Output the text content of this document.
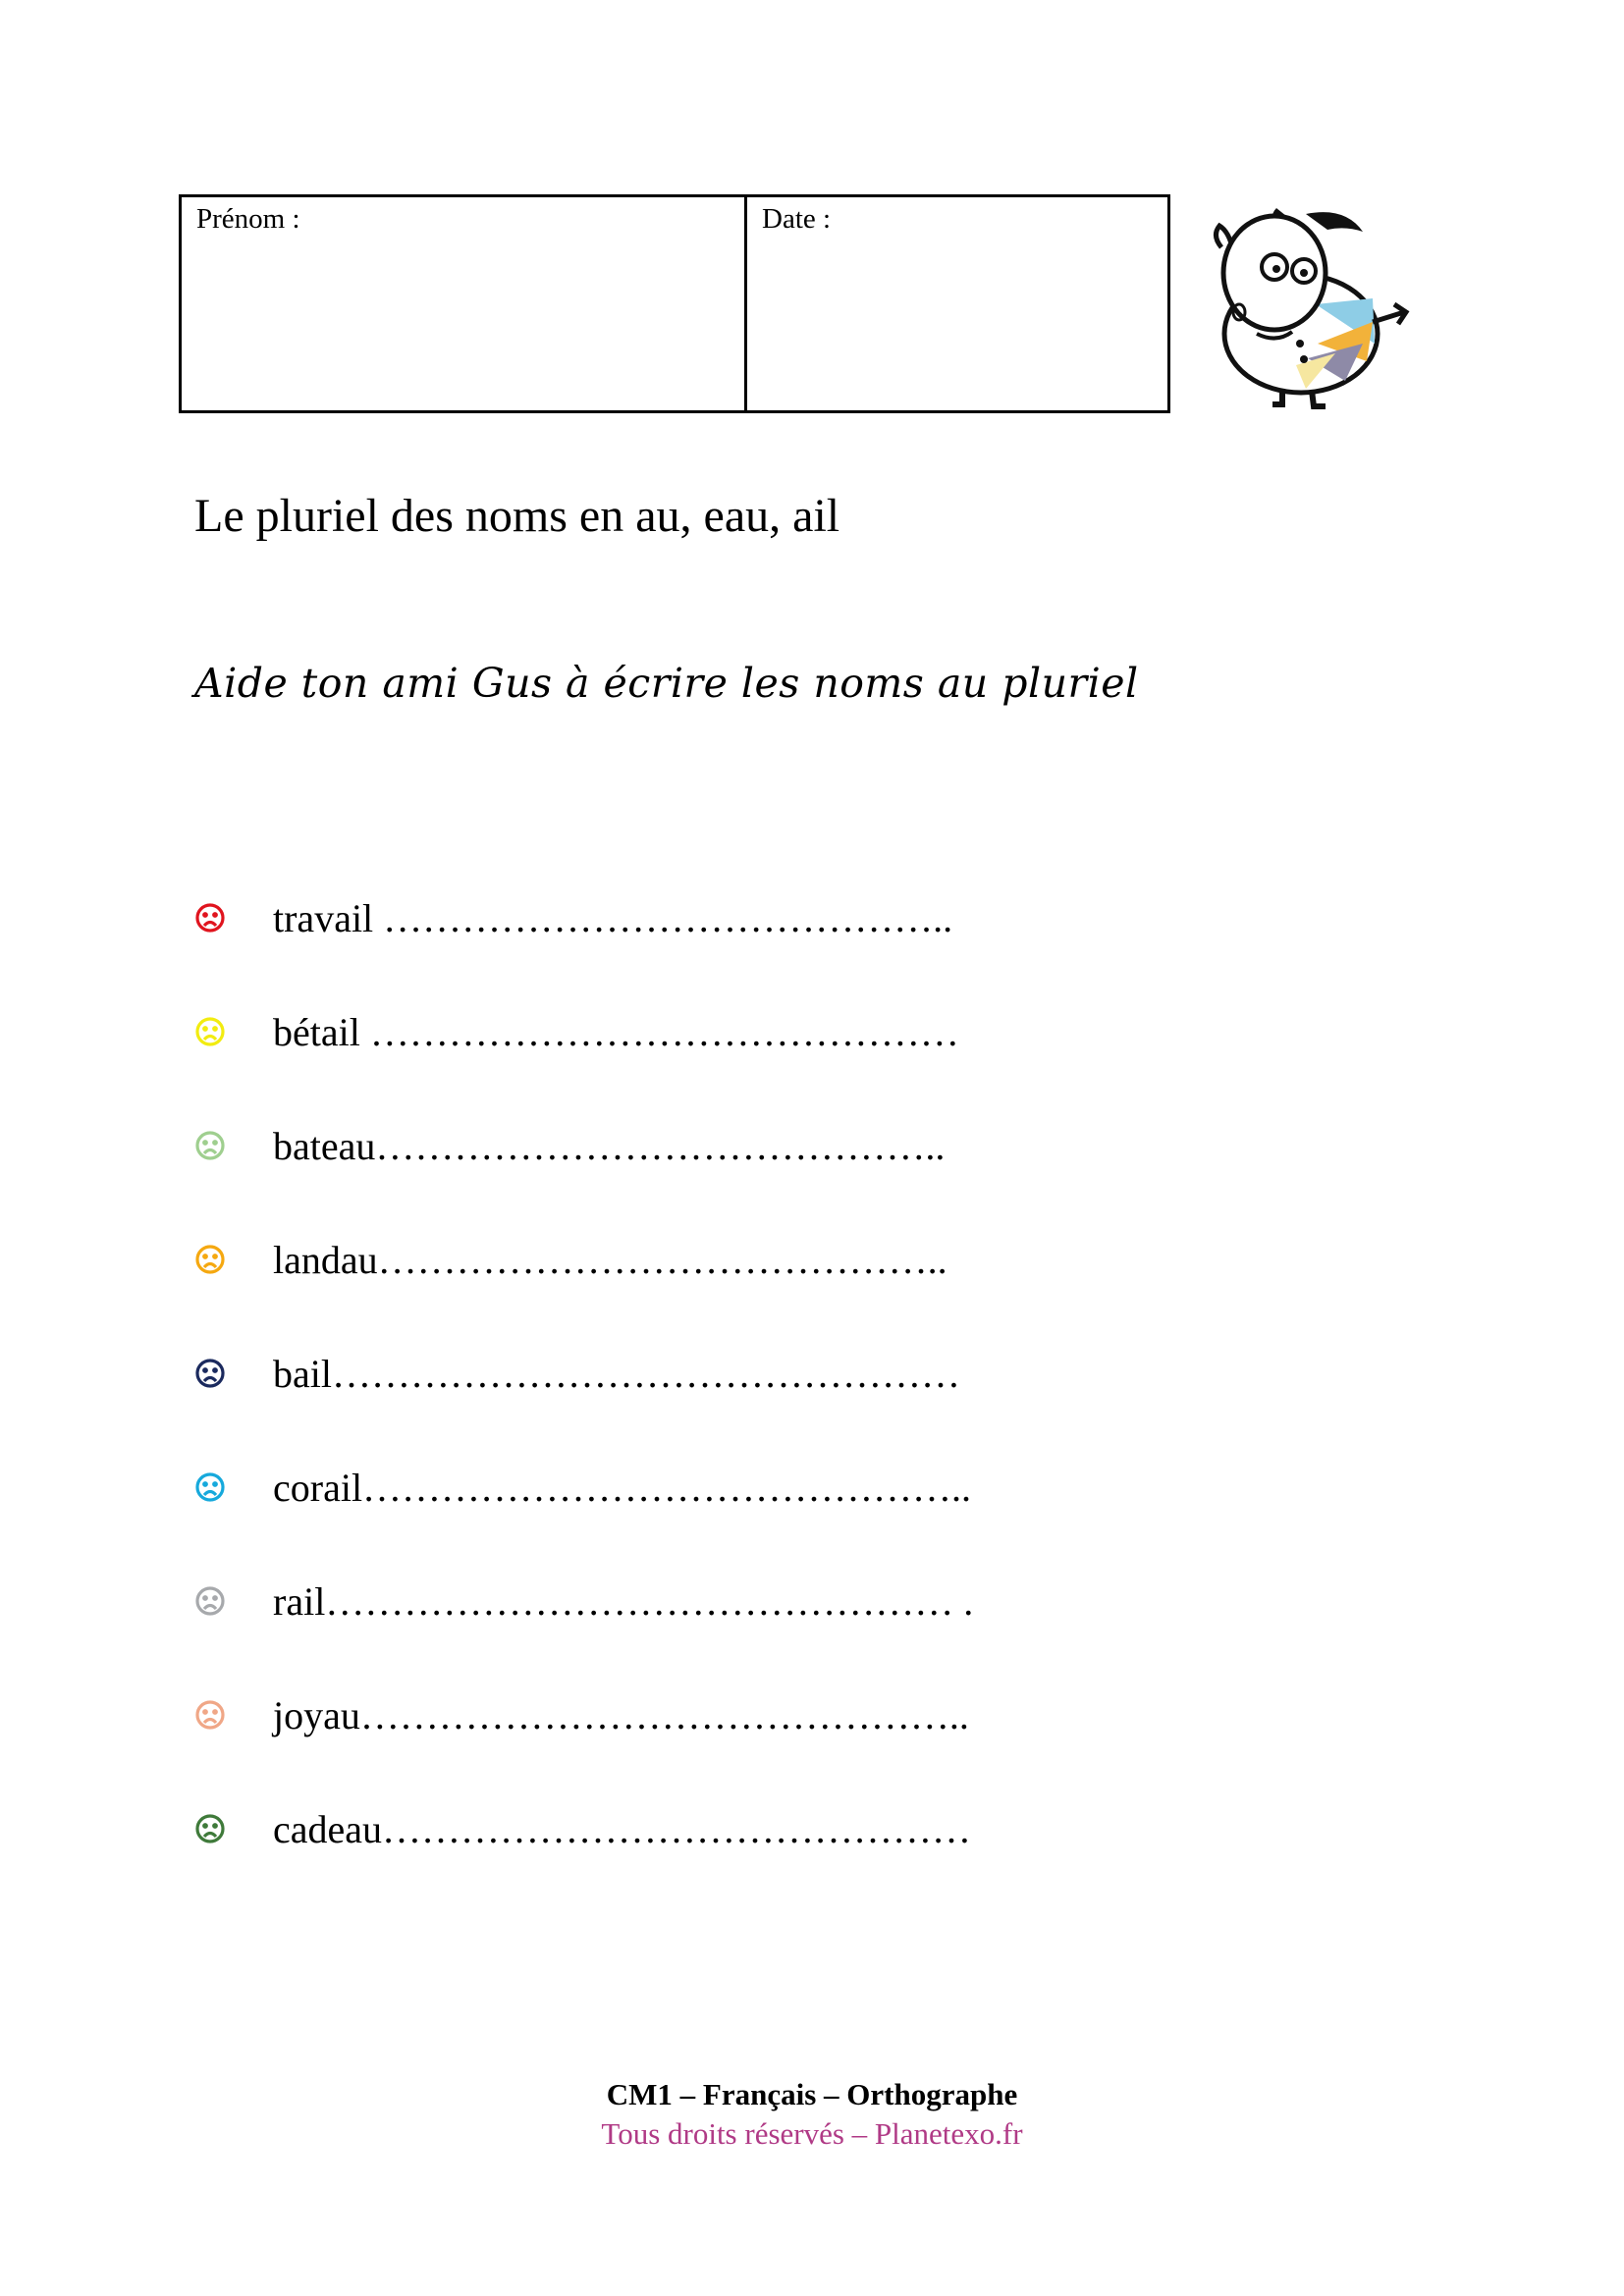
Prénom :	Date :
Le pluriel des noms en au, eau, ail
Aide ton ami Gus à écrire les noms au pluriel
travail ……………………………………..
bétail ………………………………………
bateau……………………………………..
landau……………………………………..
bail…………………………………………
corail………………………………………..
rail………………………………………… .
joyau………………………………………..
cadeau………………………………………
CM1 – Français – Orthographe
Tous droits réservés – Planetexo.fr
